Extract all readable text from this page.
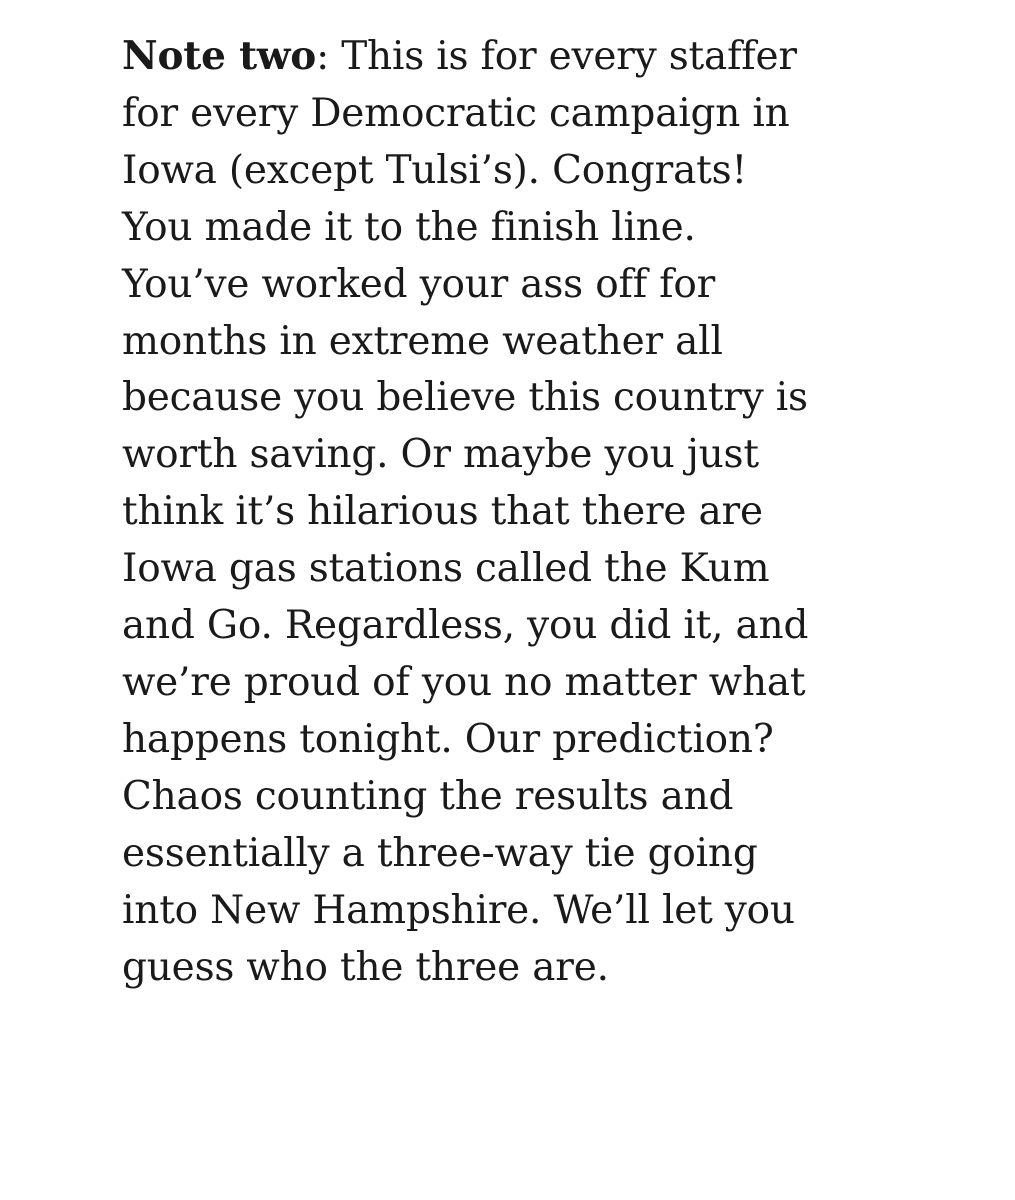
Note two: This is for every staffer
for every Democratic campaign in
Iowa (except Tulsi’s). Congrats!
You made it to the finish line.
You’ve worked your ass off for
months in extreme weather all
because you believe this country is
worth saving. Or maybe you just
think it’s hilarious that there are
Iowa gas stations called the Kum
and Go. Regardless, you did it, and
we’re proud of you no matter what
happens tonight. Our prediction?
Chaos counting the results and
essentially a three-way tie going
into New Hampshire. We’ll let you
guess who the three are.
